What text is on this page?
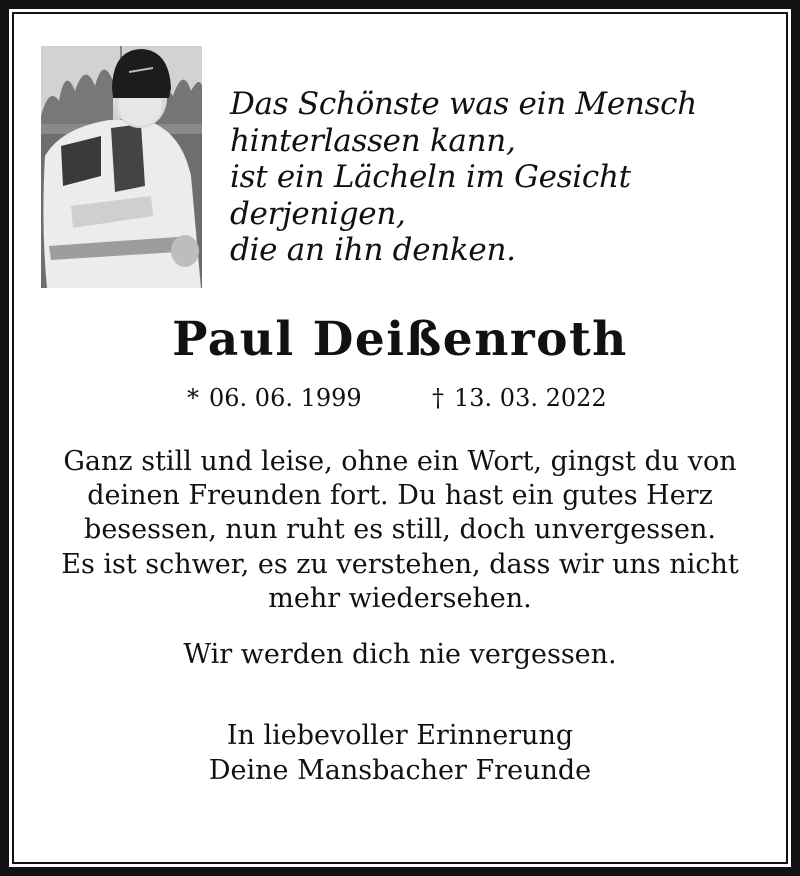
Das Schönste was ein Mensch
hinterlassen kann,
ist ein Lächeln im Gesicht
derjenigen,
die an ihn denken.
Paul Deißenroth
* 06. 06. 1999	† 13. 03. 2022
Ganz still und leise, ohne ein Wort, gingst du von
deinen Freunden fort. Du hast ein gutes Herz
besessen, nun ruht es still, doch unvergessen.
Es ist schwer, es zu verstehen, dass wir uns nicht
mehr wiedersehen.
Wir werden dich nie vergessen.
In liebevoller Erinnerung
Deine Mansbacher Freunde
